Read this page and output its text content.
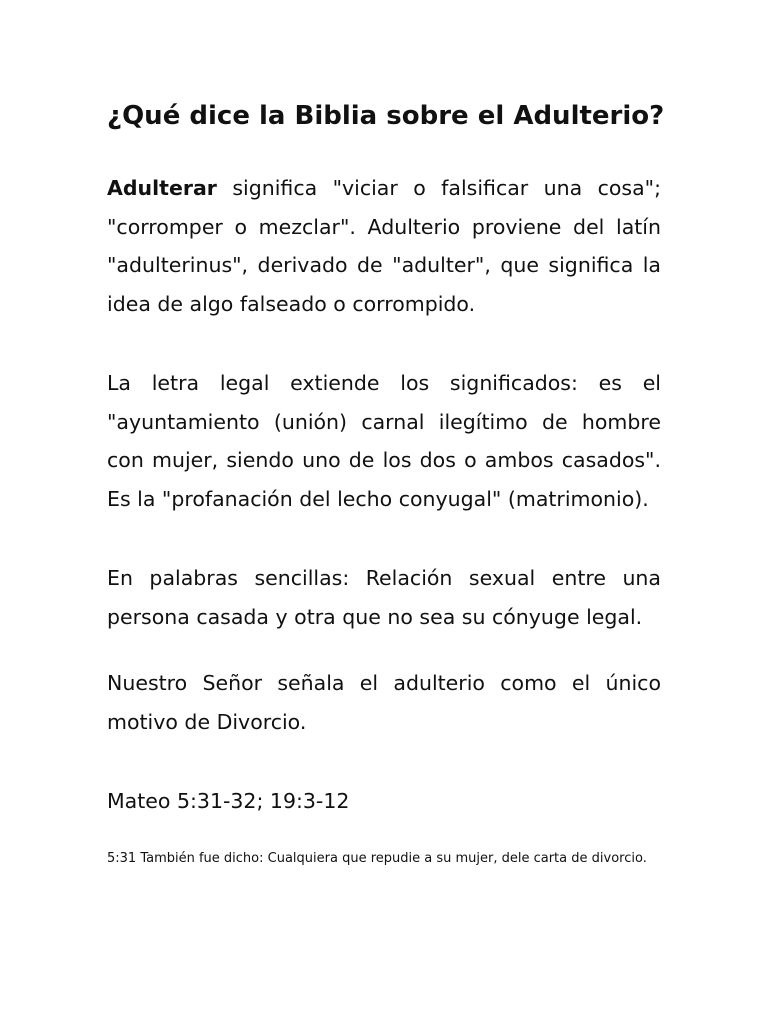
¿Qué dice la Biblia sobre el Adulterio?

Adulterar significa "viciar o falsificar una cosa"; "corromper o mezclar". Adulterio proviene del latín "adulterinus", derivado de "adulter", que significa la idea de algo falseado o corrompido.

La letra legal extiende los significados: es el "ayuntamiento (unión) carnal ilegítimo de hombre con mujer, siendo uno de los dos o ambos casados". Es la "profanación del lecho conyugal" (matrimonio).

En palabras sencillas: Relación sexual entre una persona casada y otra que no sea su cónyuge legal.

Nuestro Señor señala el adulterio como el único motivo de Divorcio.

Mateo 5:31-32; 19:3-12

5:31 También fue dicho: Cualquiera que repudie a su mujer, dele carta de divorcio.
